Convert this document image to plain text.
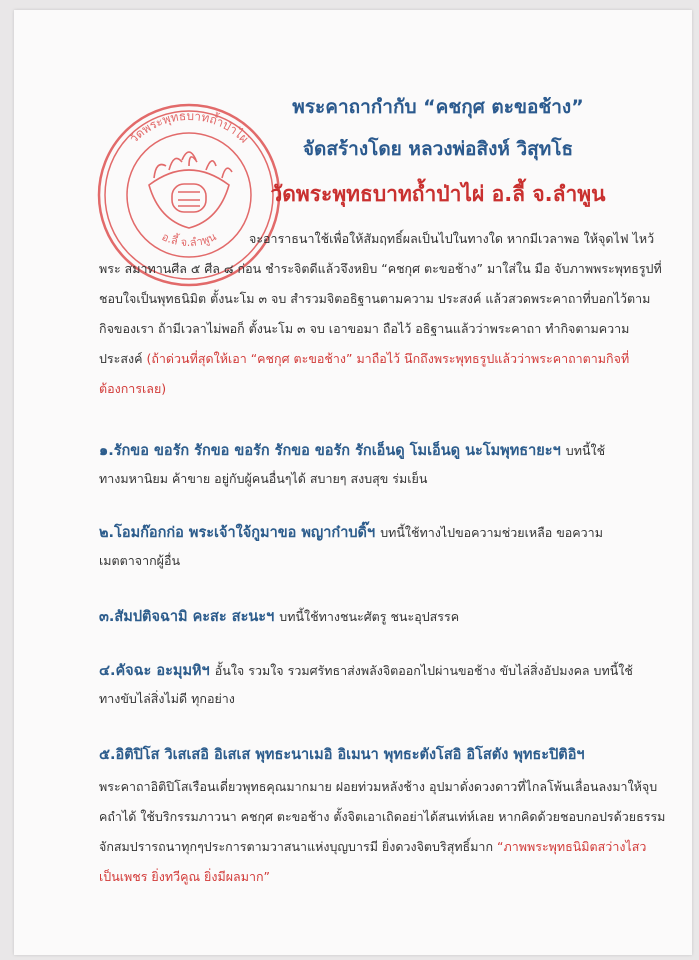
วัดพระพุทธบาทถ้ำป่าไผ่
อ.ลี้ จ.ลำพูน
พระคาถากำกับ “คชกุศ ตะขอช้าง”
จัดสร้างโดย หลวงพ่อสิงห์ วิสุทโธ
วัดพระพุทธบาทถ้ำป่าไผ่ อ.ลี้ จ.ลำพูน
จะอาราธนาใช้เพื่อให้สัมฤทธิ์ผลเป็นไปในทางใด หากมีเวลาพอ ให้จุดไฟ ไหว้พระ สมาทานศีล ๕ ศีล ๘ ก่อน ชำระจิตดีแล้วจึงหยิบ “คชกุศ ตะขอช้าง” มาใส่ใน มือ จับภาพพระพุทธรูปที่ชอบใจเป็นพุทธนิมิต ตั้งนะโม ๓ จบ สำรวมจิตอธิฐานตามความ ประสงค์ แล้วสวดพระคาถาที่บอกไว้ตามกิจของเรา ถ้ามีเวลาไม่พอก็ ตั้งนะโม ๓ จบ เอาขอมา ถือไว้ อธิฐานแล้วว่าพระคาถา ทำกิจตามความประสงค์ (ถ้าด่วนที่สุดให้เอา “คชกุศ ตะขอช้าง” มาถือไว้ นึกถึงพระพุทธรูปแล้วว่าพระคาถาตามกิจที่ต้องการเลย)
๑.รักขอ ขอรัก รักขอ ขอรัก รักขอ ขอรัก รักเอ็นดู โมเอ็นดู นะโมพุทธายะฯ บทนี้ใช้
ทางมหานิยม ค้าขาย อยู่กับผู้คนอื่นๆได้ สบายๆ สงบสุข ร่มเย็น
๒.โอมก๊อกก่อ พระเจ้าใจ้กูมาขอ พญาก๋าบดิ๊ฯ บทนี้ใช้ทางไปขอความช่วยเหลือ ขอความ
เมตตาจากผู้อื่น
๓.สัมปติจฉามิ คะสะ สะนะฯ บทนี้ใช้ทางชนะศัตรู ชนะอุปสรรค
๔.คัจฉะ อะมุมหิฯ อั้นใจ รวมใจ รวมศรัทธาส่งพลังจิตออกไปผ่านขอช้าง ขับไล่สิ่งอัปมงคล บทนี้ใช้
ทางขับไล่สิ่งไม่ดี ทุกอย่าง
๕.อิติปิโส วิเสเสอิ อิเสเส พุทธะนาเมอิ อิเมนา พุทธะตังโสอิ อิโสตัง พุทธะปิติอิฯ
พระคาถาอิติปิโสเรือนเดี่ยวพุทธคุณมากมาย ฝอยท่วมหลังช้าง อุปมาดั่งดวงดาวที่ไกลโพ้นเลื่อนลงมาให้จุบ คถำได้ ใช้บริกรรมภาวนา คชกุศ ตะขอช้าง ตั้งจิตเอาเถิดอย่าได้สนเท่ห์เลย หากคิดด้วยชอบกอปรด้วยธรรม จักสมปรารถนาทุกๆประการตามวาสนาแห่งบุญบารมี ยิ่งดวงจิตบริสุทธิ์มาก “ภาพพระพุทธนิมิตสว่างไสว เป็นเพชร ยิ่งทวีคูณ ยิ่งมีผลมาก”
